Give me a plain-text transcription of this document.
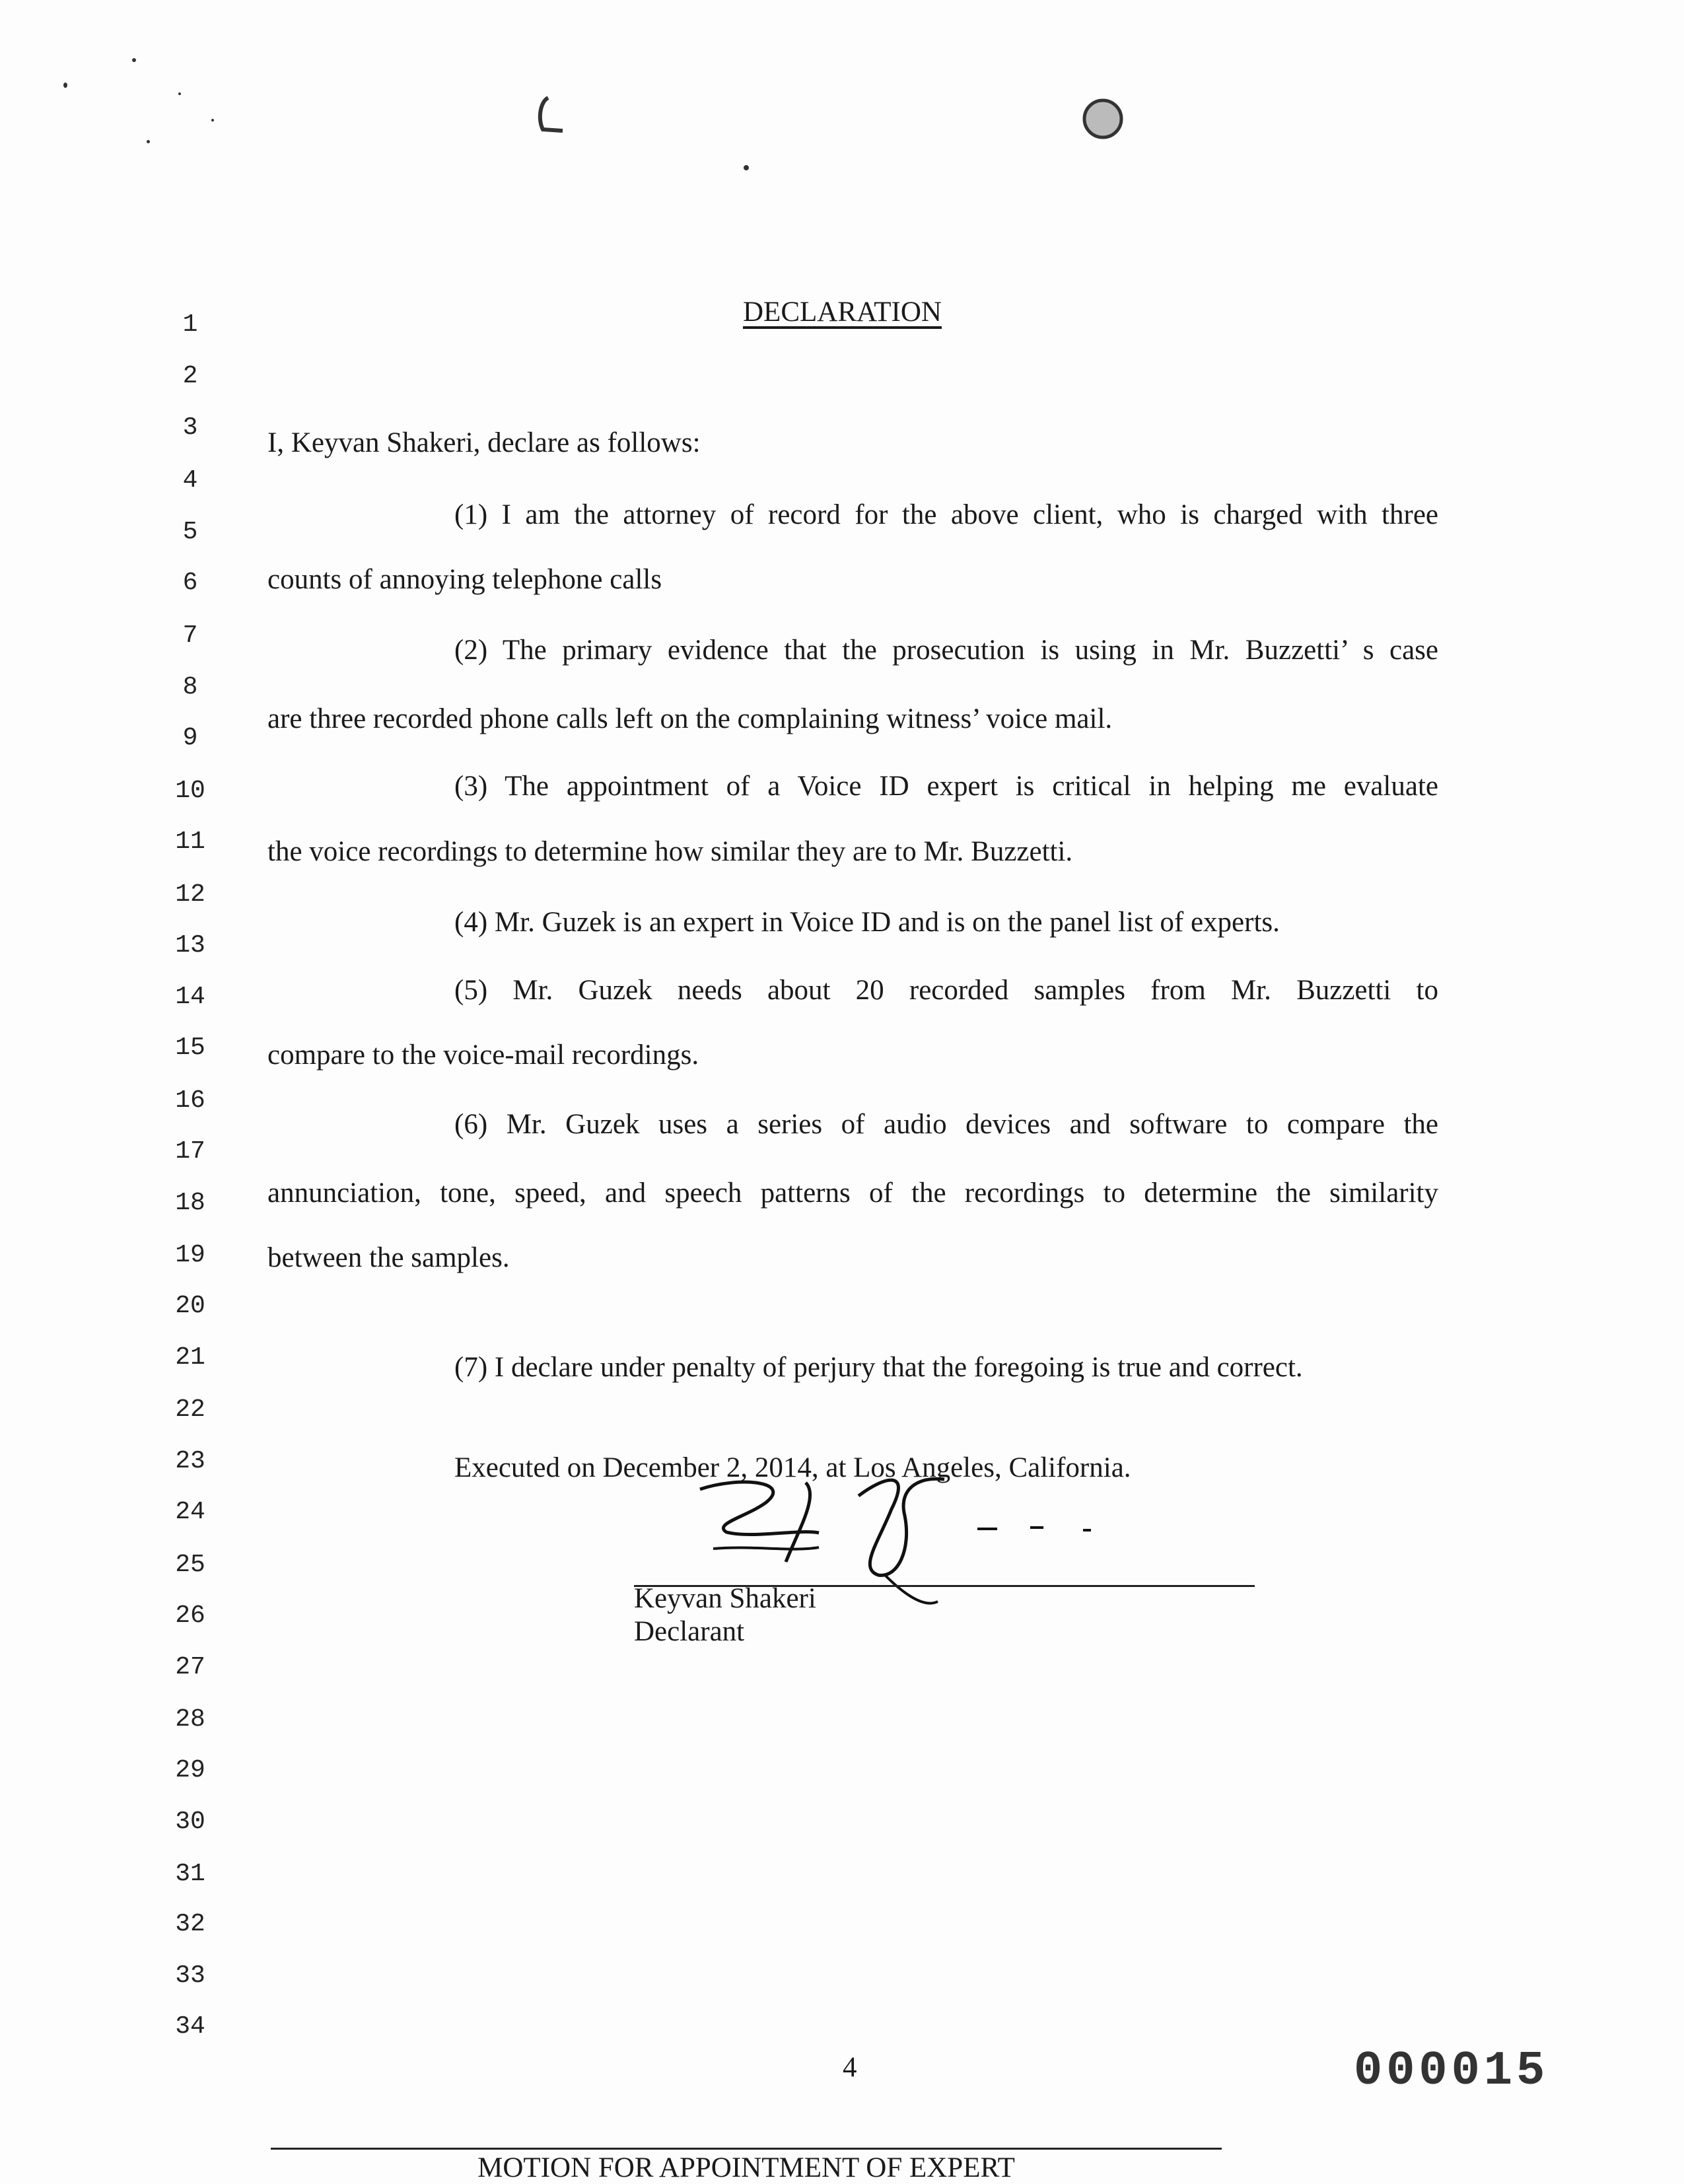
1
2
3
4
5
6
7
8
9
10
11
12
13
14
15
16
17
18
19
20
21
22
23
24
25
26
27
28
29
30
31
32
33
34
DECLARATION
I, Keyvan Shakeri, declare as follows:
(1) I am the attorney of record for the above client, who is charged with three
counts of annoying telephone calls
(2) The primary evidence that the prosecution is using in Mr. Buzzetti’ s case
are three recorded phone calls left on the complaining witness’ voice mail.
(3) The appointment of a Voice ID expert is critical in helping me evaluate
the voice recordings to determine how similar they are to Mr. Buzzetti.
(4) Mr. Guzek is an expert in Voice ID and is on the panel list of experts.
(5) Mr. Guzek needs about 20 recorded samples from Mr. Buzzetti to
compare to the voice-mail recordings.
(6) Mr. Guzek uses a series of audio devices and software to compare the
annunciation, tone, speed, and speech patterns of the recordings to determine the similarity
between the samples.
(7) I declare under penalty of perjury that the foregoing is true and correct.
Executed on December 2, 2014, at Los Angeles, California.
Keyvan Shakeri
Declarant
4	000015
MOTION FOR APPOINTMENT OF EXPERT
